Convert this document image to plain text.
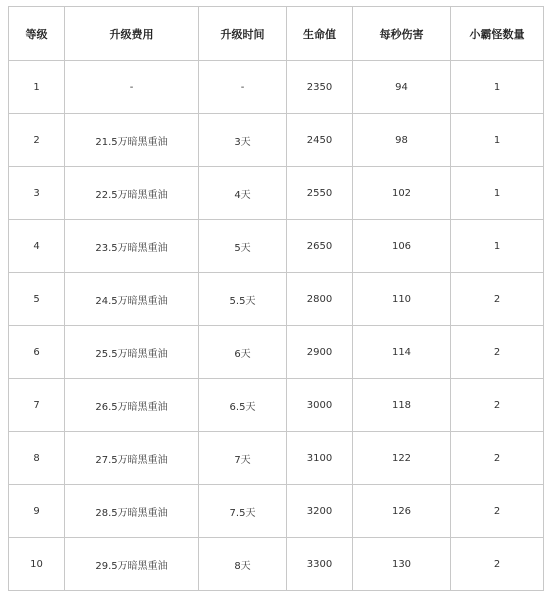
等级	升级费用	升级时间	生命值	每秒伤害	小霸怪数量
1	-	-	2350	94	1
2	21.5万暗黑重油	3天	2450	98	1
3	22.5万暗黑重油	4天	2550	102	1
4	23.5万暗黑重油	5天	2650	106	1
5	24.5万暗黑重油	5.5天	2800	110	2
6	25.5万暗黑重油	6天	2900	114	2
7	26.5万暗黑重油	6.5天	3000	118	2
8	27.5万暗黑重油	7天	3100	122	2
9	28.5万暗黑重油	7.5天	3200	126	2
10	29.5万暗黑重油	8天	3300	130	2
